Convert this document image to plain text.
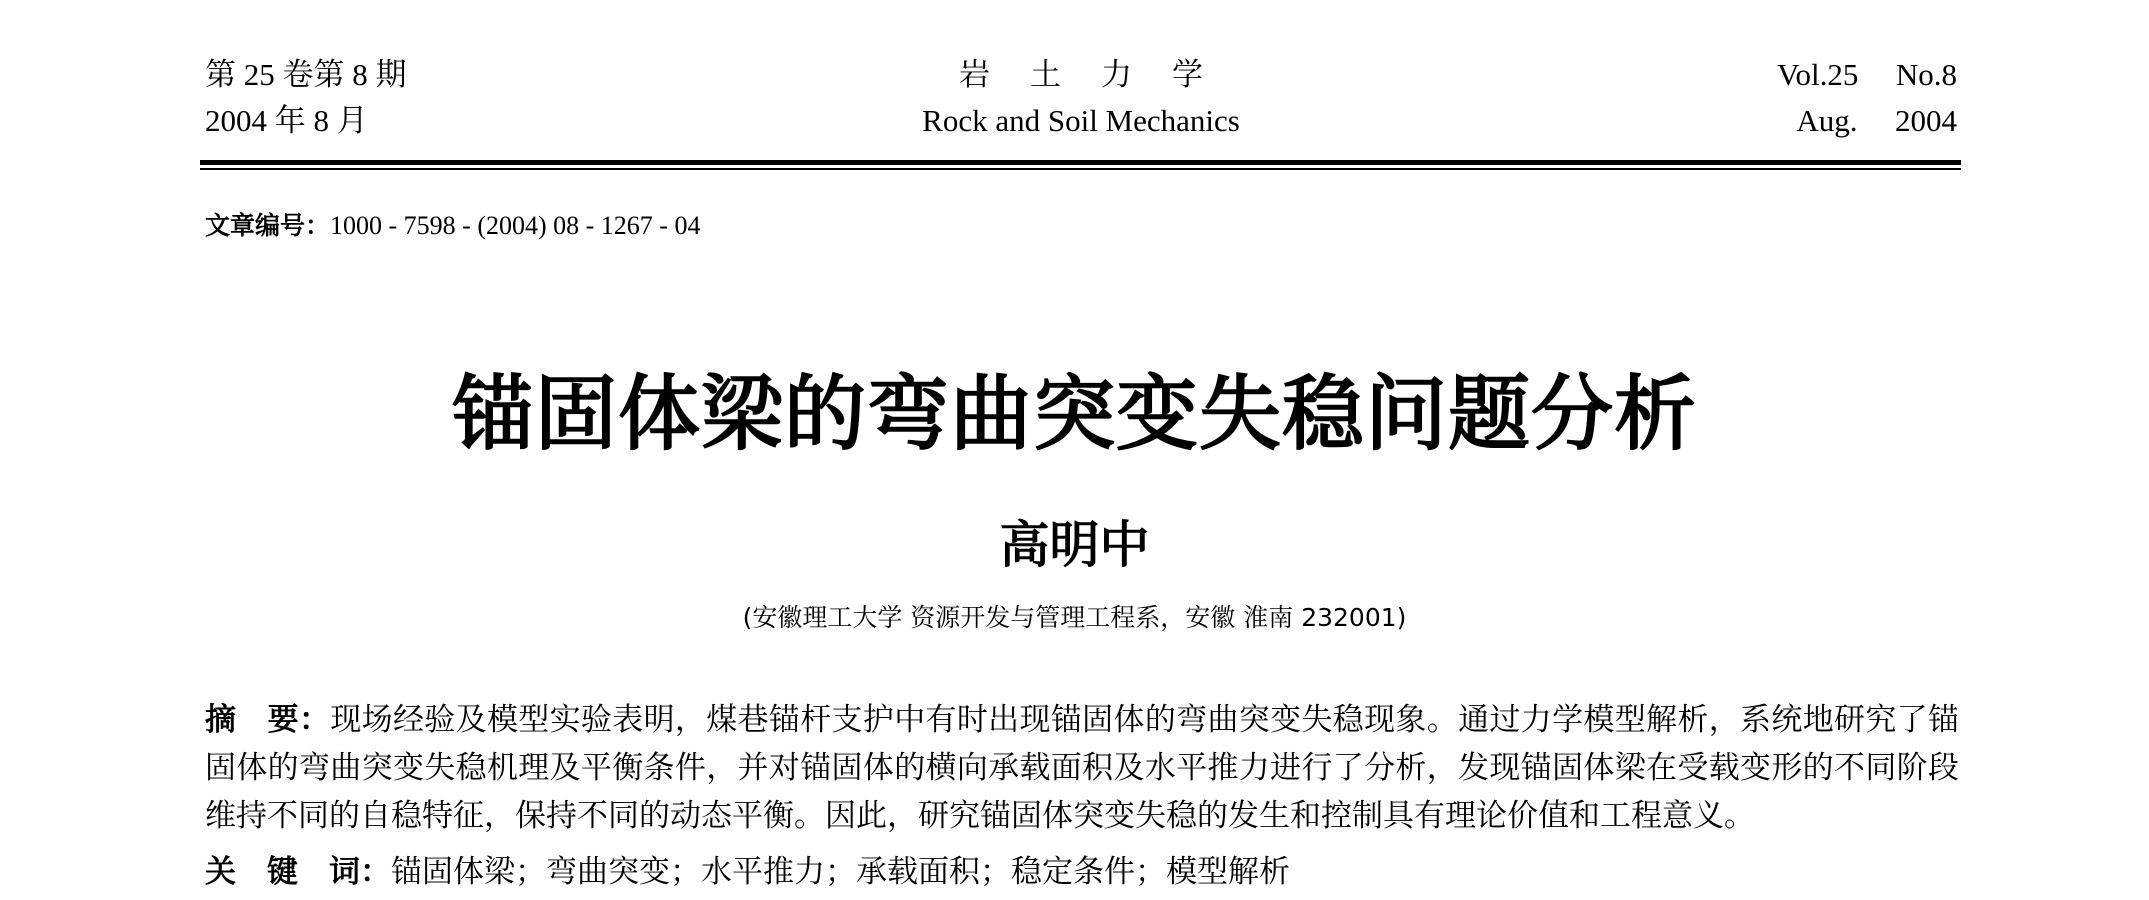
第 25 卷第 8 期
2004 年 8 月
岩土力学
Rock and Soil Mechanics
Vol.25 No.8
Aug. 2004
文章编号：1000 - 7598 - (2004) 08 - 1267 - 04
锚固体梁的弯曲突变失稳问题分析
高明中
(安徽理工大学 资源开发与管理工程系，安徽 淮南 232001)
摘　要：现场经验及模型实验表明，煤巷锚杆支护中有时出现锚固体的弯曲突变失稳现象。通过力学模型解析，系统地研究了锚固体的弯曲突变失稳机理及平衡条件，并对锚固体的横向承载面积及水平推力进行了分析，发现锚固体梁在受载变形的不同阶段维持不同的自稳特征，保持不同的动态平衡。因此，研究锚固体突变失稳的发生和控制具有理论价值和工程意义。
关　键　词：锚固体梁；弯曲突变；水平推力；承载面积；稳定条件；模型解析
